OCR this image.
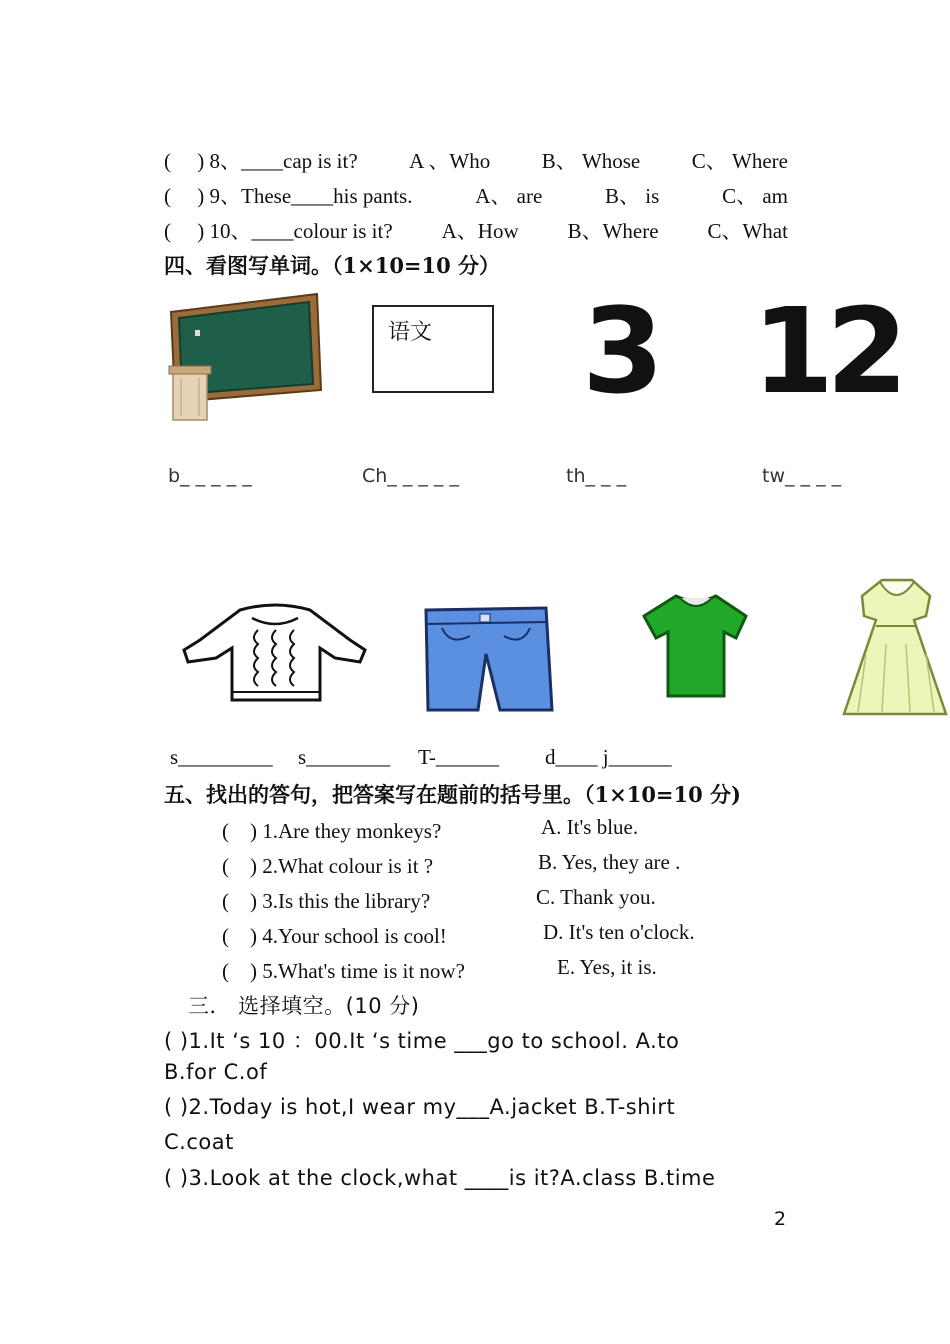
(　 ) 8、____cap is it? A 、Who B、 Whose C、 Where
(　 ) 9、These____his pants.	A、 are	B、 is	C、 am
(　 ) 10、____colour is it? A、How B、Where C、What
四、看图写单词。（1×10=10 分）
语文 3 12
b_ _ _ _ _	Ch_ _ _ _ _	th_ _ _	tw_ _ _ _
s_________ s________ T-______ d____ j______
五、找出的答句，把答案写在题前的括号里。（1×10=10 分)
(　) 1.Are they monkeys?	A. It's blue.
(　) 2.What colour is it ?	B. Yes, they are .
(　) 3.Is this the library?	C. Thank you.
(　) 4.Your school is cool!	D. It's ten o'clock.
(　) 5.What's time is it now?	E. Yes, it is.
三． 选择填空。(10 分)
( )1.It ‘s 10 ：00.It ‘s time ___go to school. A.to
B.for C.of
( )2.Today is hot,I wear my___A.jacket B.T-shirt
C.coat
( )3.Look at the clock,what ____is it?A.class B.time
2
